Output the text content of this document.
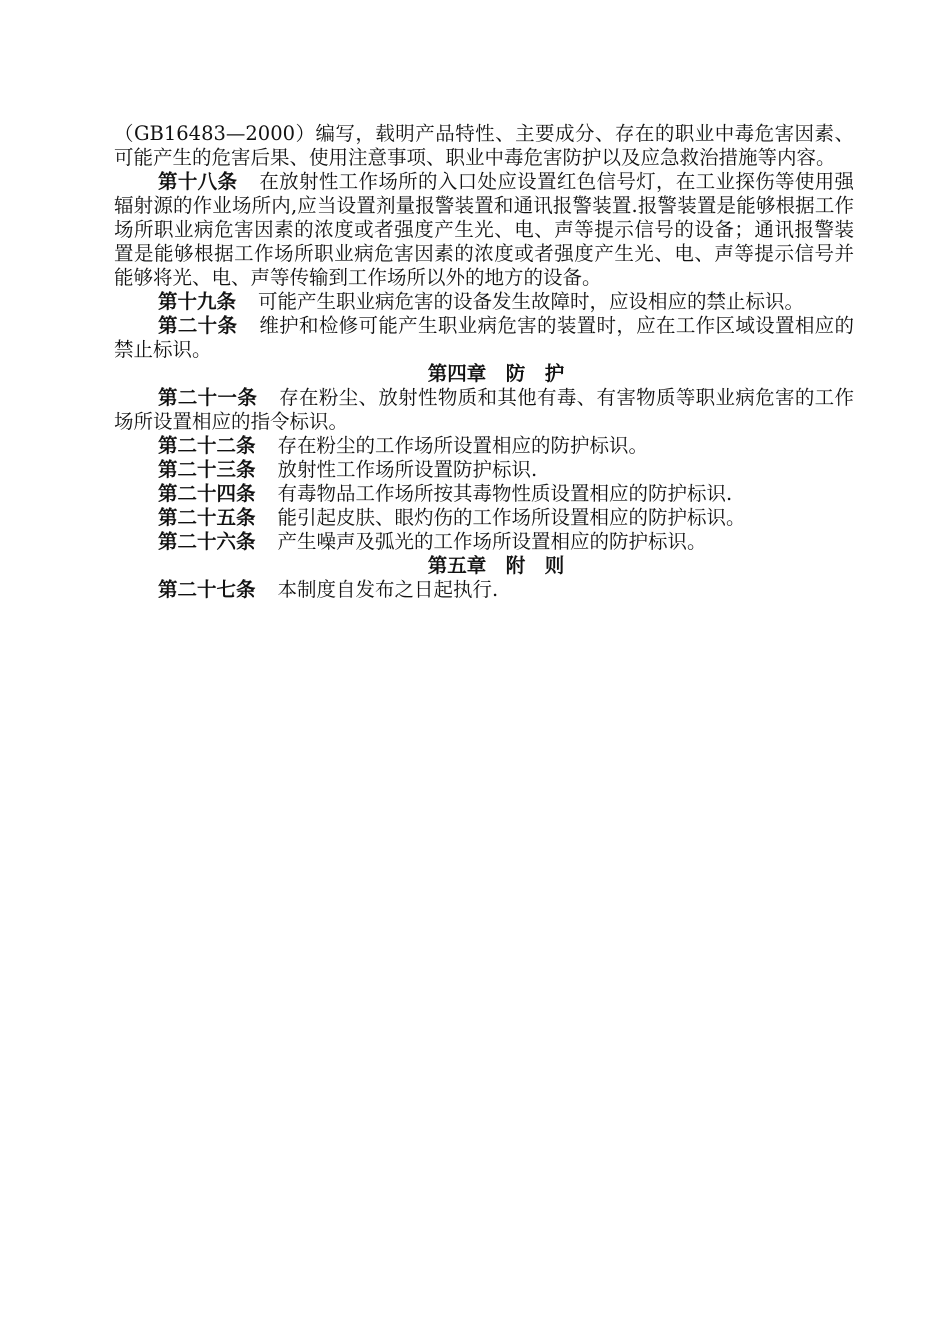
（GB16483—2000）编写，载明产品特性、主要成分、存在的职业中毒危害因素、可能产生的危害后果、使用注意事项、职业中毒危害防护以及应急救治措施等内容。

第十八条 在放射性工作场所的入口处应设置红色信号灯，在工业探伤等使用强辐射源的作业场所内,应当设置剂量报警装置和通讯报警装置.报警装置是能够根据工作场所职业病危害因素的浓度或者强度产生光、电、声等提示信号的设备；通讯报警装置是能够根据工作场所职业病危害因素的浓度或者强度产生光、电、声等提示信号并能够将光、电、声等传输到工作场所以外的地方的设备。

第十九条 可能产生职业病危害的设备发生故障时，应设相应的禁止标识。

第二十条 维护和检修可能产生职业病危害的装置时，应在工作区域设置相应的禁止标识。

第四章　防　护

第二十一条 存在粉尘、放射性物质和其他有毒、有害物质等职业病危害的工作场所设置相应的指令标识。

第二十二条 存在粉尘的工作场所设置相应的防护标识。

第二十三条 放射性工作场所设置防护标识.

第二十四条 有毒物品工作场所按其毒物性质设置相应的防护标识.

第二十五条 能引起皮肤、眼灼伤的工作场所设置相应的防护标识。

第二十六条 产生噪声及弧光的工作场所设置相应的防护标识。

第五章　附　则

第二十七条 本制度自发布之日起执行.
